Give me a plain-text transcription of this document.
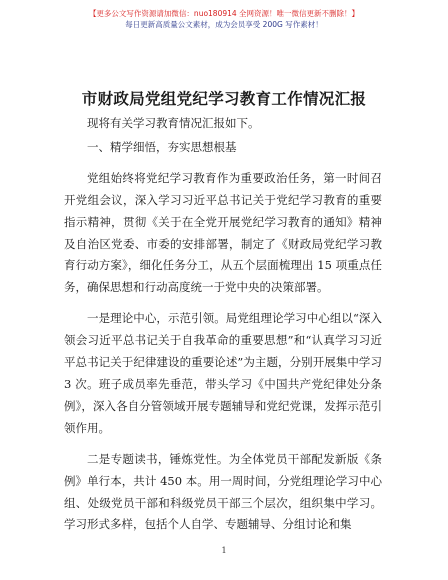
【更多公文写作资源请加微信：nuo180914 全网资源！唯一微信更新不删除！】
每日更新高质量公文素材，成为会员享受 200G 写作素材！
市财政局党组党纪学习教育工作情况汇报

现将有关学习教育情况汇报如下。

一、精学细悟，夯实思想根基

党组始终将党纪学习教育作为重要政治任务，第一时间召开党组会议，深入学习习近平总书记关于党纪学习教育的重要指示精神，贯彻《关于在全党开展党纪学习教育的通知》精神及自治区党委、市委的安排部署，制定了《财政局党纪学习教育行动方案》，细化任务分工，从五个层面梳理出 15 项重点任务，确保思想和行动高度统一于党中央的决策部署。

一是理论中心，示范引领。局党组理论学习中心组以“深入领会习近平总书记关于自我革命的重要思想”和“认真学习习近平总书记关于纪律建设的重要论述”为主题，分别开展集中学习 3 次。班子成员率先垂范，带头学习《中国共产党纪律处分条例》，深入各自分管领域开展专题辅导和党纪党课，发挥示范引领作用。

二是专题读书，锤炼党性。为全体党员干部配发新版《条例》单行本，共计 450 本。用一周时间，分党组理论学习中心组、处级党员干部和科级党员干部三个层次，组织集中学习。学习形式多样，包括个人自学、专题辅导、分组讨论和集

1
